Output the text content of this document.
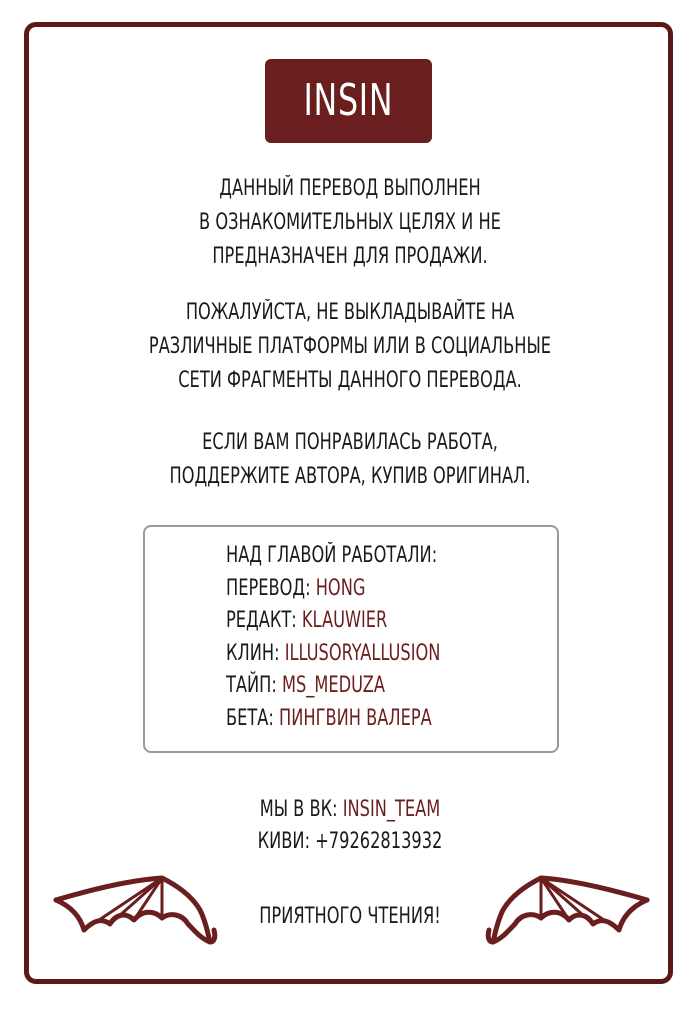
INSIN
ДАННЫЙ ПЕРЕВОД ВЫПОЛНЕН
В ОЗНАКОМИТЕЛЬНЫХ ЦЕЛЯХ И НЕ
ПРЕДНАЗНАЧЕН ДЛЯ ПРОДАЖИ.
ПОЖАЛУЙСТА, НЕ ВЫКЛАДЫВАЙТЕ НА
РАЗЛИЧНЫЕ ПЛАТФОРМЫ ИЛИ В СОЦИАЛЬНЫЕ
СЕТИ ФРАГМЕНТЫ ДАННОГО ПЕРЕВОДА.
ЕСЛИ ВАМ ПОНРАВИЛАСЬ РАБОТА,
ПОДДЕРЖИТЕ АВТОРА, КУПИВ ОРИГИНАЛ.
НАД ГЛАВОЙ РАБОТАЛИ:
ПЕРЕВОД: HONG
РЕДАКТ: KLAUWIER
КЛИН: ILLUSORYALLUSION
ТАЙП: MS_MEDUZA
БЕТА: ПИНГВИН ВАЛЕРА
МЫ В ВК: INSIN_TEAM
КИВИ: +79262813932
ПРИЯТНОГО ЧТЕНИЯ!
